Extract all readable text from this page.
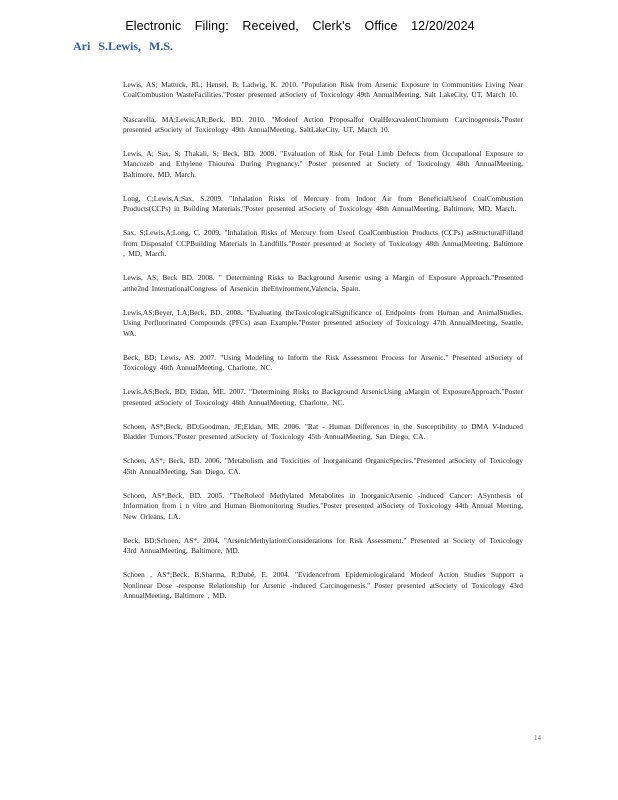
Electronic Filing: Received, Clerk's Office 12/20/2024
Ari S.Lewis, M.S.

Lewis, AS; Mattuck, RL; Hensel, B; Ladwig, K. 2010. "Population Risk from Arsenic Exposure in Communities Living Near CoalCombustion WasteFacilities."Poster presented atSociety of Toxicology 49th AnnualMeeting, Salt LakeCity, UT, March 10.

Nascarella, MA;Lewis,AR;Beck, BD. 2010. "Modeof Action Proposalfor OralHexavalentChromium Carcinogenesis."Poster presented atSociety of Toxicology 49th AnnualMeeting, SaltLakeCity, UT, March 10.

Lewis, A; Sax, S; Thakali, S; Beck, BD. 2009. "Evaluation of Risk for Fetal Limb Defects from Occupational Exposure to Mancozeb and Ethylene Thiourea During Pregnancy." Poster presented at Society of Toxicology 48th AnnualMeeting, Baltimore, MD, March.

Long, C;Lewis,A;Sax, S.2009. "Inhalation Risks of Mercury from Indoor Air from BeneficialUseof CoalCombustion Products(CCPs) in Building Materials."Poster presented atSociety of Toxicology 48th AnnualMeeting, Baltimore, MD, March.

Sax, S;Lewis,A;Long, C. 2009. "Inhalation Risks of Mercury from Useof CoalCombustion Products (CCPs) asStructuralFilland from Disposalof CCPBuilding Materials in Landfills."Poster presented at Society of Toxicology 48th AnnualMeeting, Baltimore , MD, March.

Lewis, AS; Beck BD. 2008. " Determining Risks to Background Arsenic using a Margin of Exposure Approach."Presented atthe2nd InternationalCongress of Arsenicin theEnvironment,Valencia, Spain.

Lewis,AS;Beyer, LA;Beck, BD. 2008. "Evaluating theToxicologicalSignificance of Endpoints from Human and AnimalStudies. Using Perfluorinated Compounds (PFCs) asan Example."Poster presented atSociety of Toxicology 47th AnnualMeeting, Seattle, WA.

Beck, BD; Lewis, AS. 2007. "Using Modeling to Inform the Risk Assessment Process for Arsenic." Presented atSociety of Toxicology 46th AnnualMeeting, Charlotte, NC.

Lewis,AS;Beck, BD; Eldan, ME. 2007. "Determining Risks to Background ArsenicUsing aMargin of ExposureApproach."Poster presented atSociety of Toxicology 46th AnnualMeeting, Charlotte, NC.

Schoen, AS*;Beck, BD;Goodman, JE;Eldan, ME. 2006. "Rat - Human Differences in the Susceptibility to DMA V-Induced Bladder Tumors."Poster presented atSociety of Toxicology 45th AnnualMeeting, San Diego, CA.

Schoen, AS*; Beck, BD. 2006. "Metabolism and Toxicities of Inorganicand OrganicSpecies."Presented atSociety of Toxicology 45th AnnualMeeting, San Diego, CA.

Schoen, AS*;Beck, BD. 2005. "TheRoleof Methylated Metabolites in InorganicArsenic -induced Cancer: ASynthesis of Information from i n vitro and Human Biomonitoring Studies."Poster presented atSociety of Toxicology 44th Annual Meeting, New Orleans, LA.

Beck, BD;Schoen, AS*. 2004. "ArsenicMethylation:Considerations for Risk Assessment." Presented at Society of Toxicology 43rd AnnualMeeting, Baltimore, MD.

Schoen , AS*;Beck, B;Sharma, R;Dubé, E. 2004. "Evidencefrom Epidemiologicaland Modeof Action Studies Support a Nonlinear Dose -response Relationship for Arsenic -induced Carcinogenesis." Poster presented atSociety of Toxicology 43rd AnnualMeeting, Baltimore , MD.

14
